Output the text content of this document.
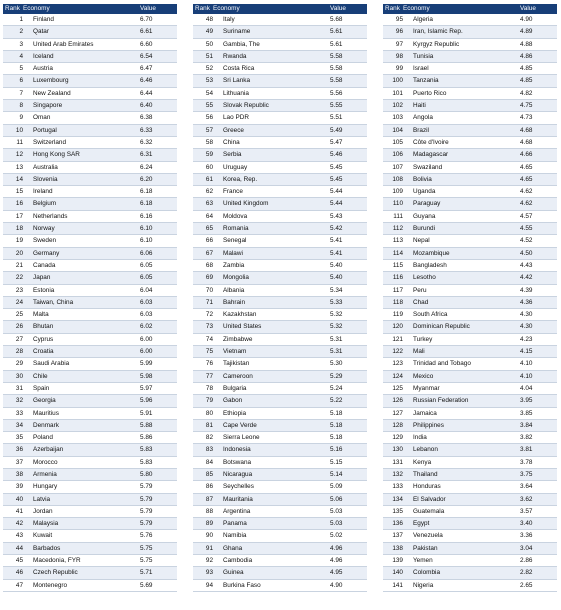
Rank Economy	Value
1 Finland	6.70
2 Qatar	6.61
3 United Arab Emirates	6.60
4 Iceland	6.54
5 Austria	6.47
6 Luxembourg	6.46
7 New Zealand	6.44
8 Singapore	6.40
9 Oman	6.38
10 Portugal	6.33
11 Switzerland	6.32
12 Hong Kong SAR	6.31
13 Australia	6.24
14 Slovenia	6.20
15 Ireland	6.18
16 Belgium	6.18
17 Netherlands	6.16
18 Norway	6.10
19 Sweden	6.10
20 Germany	6.06
21 Canada	6.05
22 Japan	6.05
23 Estonia	6.04
24 Taiwan, China	6.03
25 Malta	6.03
26 Bhutan	6.02
27 Cyprus	6.00
28 Croatia	6.00
29 Saudi Arabia	5.99
30 Chile	5.98
31 Spain	5.97
32 Georgia	5.96
33 Mauritius	5.91
34 Denmark	5.88
35 Poland	5.86
36 Azerbaijan	5.83
37 Morocco	5.83
38 Armenia	5.80
39 Hungary	5.79
40 Latvia	5.79
41 Jordan	5.79
42 Malaysia	5.79
43 Kuwait	5.76
44 Barbados	5.75
45 Macedonia, FYR	5.75
46 Czech Republic	5.71
47 Montenegro	5.69
Rank Economy	Value
48 Italy	5.68
49 Suriname	5.61
50 Gambia, The	5.61
51 Rwanda	5.58
52 Costa Rica	5.58
53 Sri Lanka	5.58
54 Lithuania	5.56
55 Slovak Republic	5.55
56 Lao PDR	5.51
57 Greece	5.49
58 China	5.47
59 Serbia	5.46
60 Uruguay	5.45
61 Korea, Rep.	5.45
62 France	5.44
63 United Kingdom	5.44
64 Moldova	5.43
65 Romania	5.42
66 Senegal	5.41
67 Malawi	5.41
68 Zambia	5.40
69 Mongolia	5.40
70 Albania	5.34
71 Bahrain	5.33
72 Kazakhstan	5.32
73 United States	5.32
74 Zimbabwe	5.31
75 Vietnam	5.31
76 Tajikistan	5.30
77 Cameroon	5.29
78 Bulgaria	5.24
79 Gabon	5.22
80 Ethiopia	5.18
81 Cape Verde	5.18
82 Sierra Leone	5.18
83 Indonesia	5.16
84 Botswana	5.15
85 Nicaragua	5.14
86 Seychelles	5.09
87 Mauritania	5.06
88 Argentina	5.03
89 Panama	5.03
90 Namibia	5.02
91 Ghana	4.96
92 Cambodia	4.96
93 Guinea	4.95
94 Burkina Faso	4.90
Rank Economy	Value
95 Algeria	4.90
96 Iran, Islamic Rep.	4.89
97 Kyrgyz Republic	4.88
98 Tunisia	4.86
99 Israel	4.85
100 Tanzania	4.85
101 Puerto Rico	4.82
102 Haiti	4.75
103 Angola	4.73
104 Brazil	4.68
105 Côte d'Ivoire	4.68
106 Madagascar	4.66
107 Swaziland	4.65
108 Bolivia	4.65
109 Uganda	4.62
110 Paraguay	4.62
111 Guyana	4.57
112 Burundi	4.55
113 Nepal	4.52
114 Mozambique	4.50
115 Bangladesh	4.43
116 Lesotho	4.42
117 Peru	4.39
118 Chad	4.36
119 South Africa	4.30
120 Dominican Republic	4.30
121 Turkey	4.23
122 Mali	4.15
123 Trinidad and Tobago	4.10
124 Mexico	4.10
125 Myanmar	4.04
126 Russian Federation	3.95
127 Jamaica	3.85
128 Philippines	3.84
129 India	3.82
130 Lebanon	3.81
131 Kenya	3.78
132 Thailand	3.75
133 Honduras	3.64
134 El Salvador	3.62
135 Guatemala	3.57
136 Egypt	3.40
137 Venezuela	3.36
138 Pakistan	3.04
139 Yemen	2.86
140 Colombia	2.82
141 Nigeria	2.65
